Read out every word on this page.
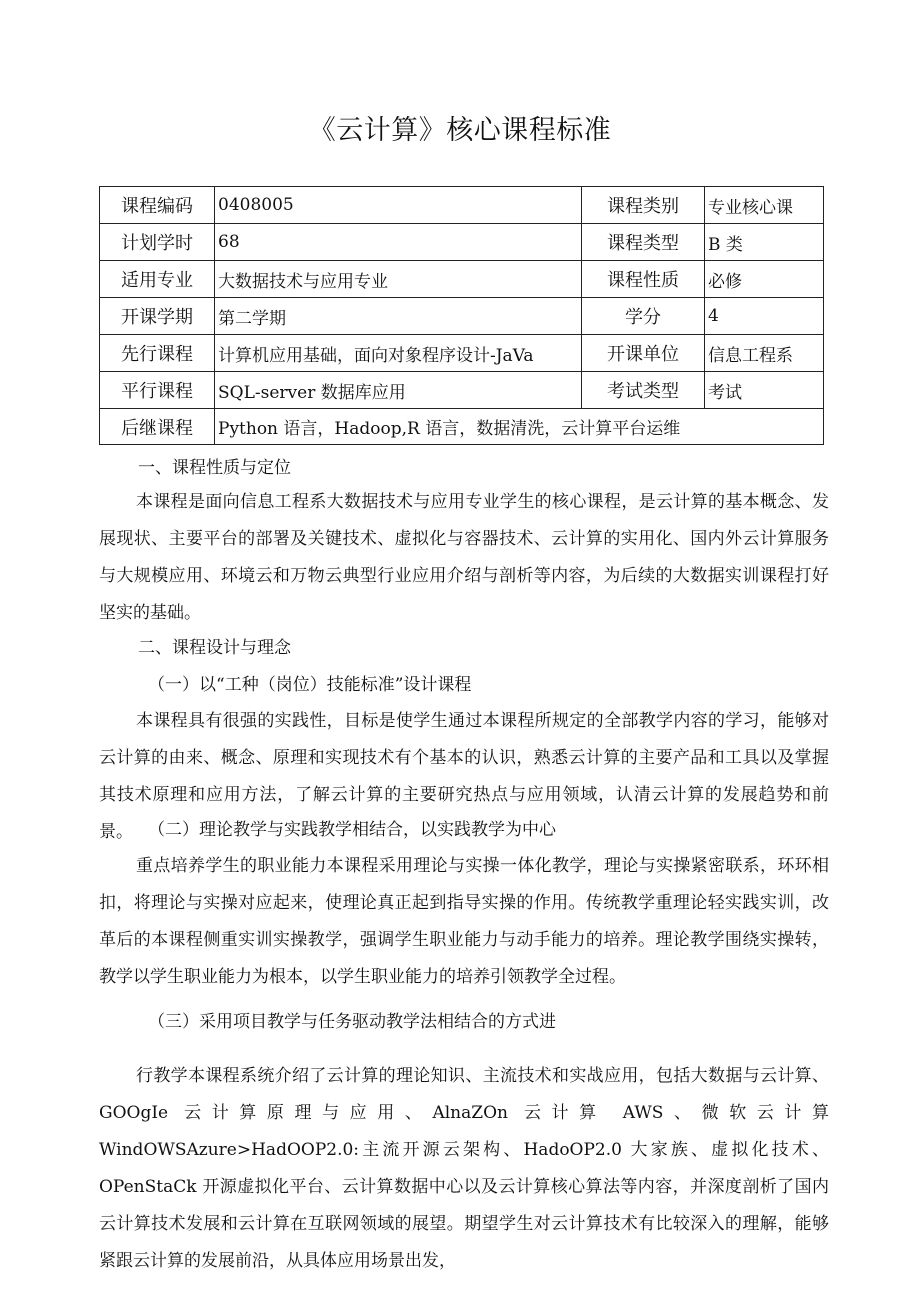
《云计算》核心课程标准
课程编码	0408005	课程类别	专业核心课
计划学时	68	课程类型	B 类
适用专业	大数据技术与应用专业	课程性质	必修
开课学期	第二学期	学分	4
先行课程	计算机应用基础，面向对象程序设计-JaVa	开课单位	信息工程系
平行课程	SQL-server 数据库应用	考试类型	考试
后继课程	Python 语言，Hadoop,R 语言，数据清洗，云计算平台运维		

一、课程性质与定位

本课程是面向信息工程系大数据技术与应用专业学生的核心课程，是云计算的基本概念、发展现状、主要平台的部署及关键技术、虚拟化与容器技术、云计算的实用化、国内外云计算服务与大规模应用、环境云和万物云典型行业应用介绍与剖析等内容，为后续的大数据实训课程打好坚实的基础。

二、课程设计与理念

（一）以“工种（岗位）技能标准”设计课程

本课程具有很强的实践性，目标是使学生通过本课程所规定的全部教学内容的学习，能够对云计算的由来、概念、原理和实现技术有个基本的认识，熟悉云计算的主要产品和工具以及掌握其技术原理和应用方法，了解云计算的主要研究热点与应用领域，认清云计算的发展趋势和前景。 （二）理论教学与实践教学相结合，以实践教学为中心

重点培养学生的职业能力本课程采用理论与实操一体化教学，理论与实操紧密联系，环环相扣，将理论与实操对应起来，使理论真正起到指导实操的作用。传统教学重理论轻实践实训，改革后的本课程侧重实训实操教学，强调学生职业能力与动手能力的培养。理论教学围绕实操转，教学以学生职业能力为根本，以学生职业能力的培养引领教学全过程。

（三）采用项目教学与任务驱动教学法相结合的方式进

行教学本课程系统介绍了云计算的理论知识、主流技术和实战应用，包括大数据与云计算、GOOgIe 云计算原理与应用、AlnaZOn 云计算 AWS、微软云计算 WindOWSAzure>HadOOP2.0:主流开源云架构、HadoOP2.0 大家族、虚拟化技术、OPenStaCk 开源虚拟化平台、云计算数据中心以及云计算核心算法等内容，并深度剖析了国内云计算技术发展和云计算在互联网领域的展望。期望学生对云计算技术有比较深入的理解，能够紧跟云计算的发展前沿，从具体应用场景出发，
